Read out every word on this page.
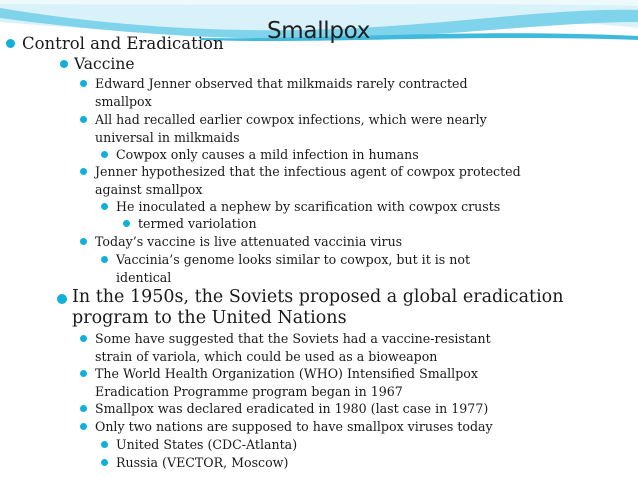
Smallpox
Control and Eradication
Vaccine
Edward Jenner observed that milkmaids rarely contracted
smallpox
All had recalled earlier cowpox infections, which were nearly
universal in milkmaids
Cowpox only causes a mild infection in humans
Jenner hypothesized that the infectious agent of cowpox protected
against smallpox
He inoculated a nephew by scarification with cowpox crusts
termed variolation
Today’s vaccine is live attenuated vaccinia virus
Vaccinia’s genome looks similar to cowpox, but it is not
identical
In the 1950s, the Soviets proposed a global eradication
program to the United Nations
Some have suggested that the Soviets had a vaccine-resistant
strain of variola, which could be used as a bioweapon
The World Health Organization (WHO) Intensified Smallpox
Eradication Programme program began in 1967
Smallpox was declared eradicated in 1980 (last case in 1977)
Only two nations are supposed to have smallpox viruses today
United States (CDC-Atlanta)
Russia (VECTOR, Moscow)
